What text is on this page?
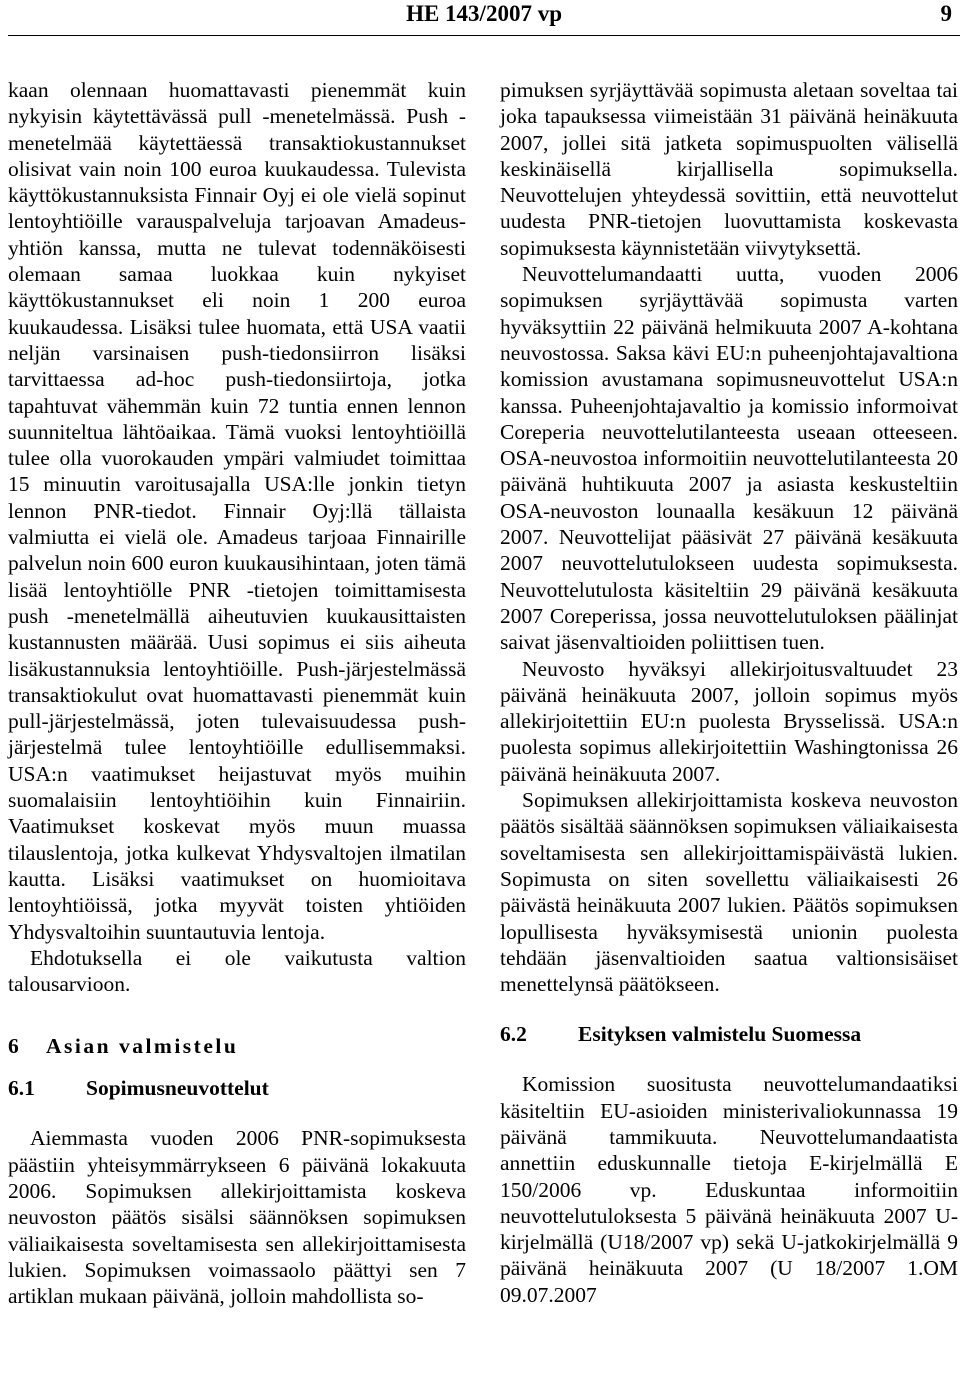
HE 143/2007 vp	9

kaan olennaan huomattavasti pienemmät kuin nykyisin käytettävässä pull -menetelmässä. Push -menetelmää käytettäessä transaktiokustannukset olisivat vain noin 100 euroa kuukaudessa. Tulevista käyttökustannuksista Finnair Oyj ei ole vielä sopinut lentoyhtiöille varauspalveluja tarjoavan Amadeus-yhtiön kanssa, mutta ne tulevat todennäköisesti olemaan samaa luokkaa kuin nykyiset käyttökustannukset eli noin 1 200 euroa kuukaudessa. Lisäksi tulee huomata, että USA vaatii neljän varsinaisen push-tiedonsiirron lisäksi tarvittaessa ad-hoc push-tiedonsiirtoja, jotka tapahtuvat vähemmän kuin 72 tuntia ennen lennon suunniteltua lähtöaikaa. Tämä vuoksi lentoyhtiöillä tulee olla vuorokauden ympäri valmiudet toimittaa 15 minuutin varoitusajalla USA:lle jonkin tietyn lennon PNR-tiedot. Finnair Oyj:llä tällaista valmiutta ei vielä ole. Amadeus tarjoaa Finnairille palvelun noin 600 euron kuukausihintaan, joten tämä lisää lentoyhtiölle PNR -tietojen toimittamisesta push -menetelmällä aiheutuvien kuukausittaisten kustannusten määrää. Uusi sopimus ei siis aiheuta lisäkustannuksia lentoyhtiöille. Push-järjestelmässä transaktiokulut ovat huomattavasti pienemmät kuin pull-järjestelmässä, joten tulevaisuudessa push-järjestelmä tulee lentoyhtiöille edullisemmaksi. USA:n vaatimukset heijastuvat myös muihin suomalaisiin lentoyhtiöihin kuin Finnairiin. Vaatimukset koskevat myös muun muassa tilauslentoja, jotka kulkevat Yhdysvaltojen ilmatilan kautta. Lisäksi vaatimukset on huomioitava lentoyhtiöissä, jotka myyvät toisten yhtiöiden Yhdysvaltoihin suuntautuvia lentoja.

Ehdotuksella ei ole vaikutusta valtion talousarvioon.

6 Asian valmistelu
6.1 Sopimusneuvottelut

Aiemmasta vuoden 2006 PNR-sopimuksesta päästiin yhteisymmärrykseen 6 päivänä lokakuuta 2006. Sopimuksen allekirjoittamista koskeva neuvoston päätös sisälsi säännöksen sopimuksen väliaikaisesta soveltamisesta sen allekirjoittamisesta lukien. Sopimuksen voimassaolo päättyi sen 7 artiklan mukaan päivänä, jolloin mahdollista so-

pimuksen syrjäyttävää sopimusta aletaan soveltaa tai joka tapauksessa viimeistään 31 päivänä heinäkuuta 2007, jollei sitä jatketa sopimuspuolten välisellä keskinäisellä kirjallisella sopimuksella. Neuvottelujen yhteydessä sovittiin, että neuvottelut uudesta PNR-tietojen luovuttamista koskevasta sopimuksesta käynnistetään viivytyksettä.

Neuvottelumandaatti uutta, vuoden 2006 sopimuksen syrjäyttävää sopimusta varten hyväksyttiin 22 päivänä helmikuuta 2007 A-kohtana neuvostossa. Saksa kävi EU:n puheenjohtajavaltiona komission avustamana sopimusneuvottelut USA:n kanssa. Puheenjohtajavaltio ja komissio informoivat Coreperia neuvottelutilanteesta useaan otteeseen. OSA-neuvostoa informoitiin neuvottelutilanteesta 20 päivänä huhtikuuta 2007 ja asiasta keskusteltiin OSA-neuvoston lounaalla kesäkuun 12 päivänä 2007. Neuvottelijat pääsivät 27 päivänä kesäkuuta 2007 neuvottelutulokseen uudesta sopimuksesta. Neuvottelutulosta käsiteltiin 29 päivänä kesäkuuta 2007 Coreperissa, jossa neuvottelutuloksen päälinjat saivat jäsenvaltioiden poliittisen tuen.

Neuvosto hyväksyi allekirjoitusvaltuudet 23 päivänä heinäkuuta 2007, jolloin sopimus myös allekirjoitettiin EU:n puolesta Brysselissä. USA:n puolesta sopimus allekirjoitettiin Washingtonissa 26 päivänä heinäkuuta 2007.

Sopimuksen allekirjoittamista koskeva neuvoston päätös sisältää säännöksen sopimuksen väliaikaisesta soveltamisesta sen allekirjoittamispäivästä lukien. Sopimusta on siten sovellettu väliaikaisesti 26 päivästä heinäkuuta 2007 lukien. Päätös sopimuksen lopullisesta hyväksymisestä unionin puolesta tehdään jäsenvaltioiden saatua valtionsisäiset menettelynsä päätökseen.

6.2 Esityksen valmistelu Suomessa

Komission suositusta neuvottelumandaatiksi käsiteltiin EU-asioiden ministerivaliokunnassa 19 päivänä tammikuuta. Neuvottelumandaatista annettiin eduskunnalle tietoja E-kirjelmällä E 150/2006 vp. Eduskuntaa informoitiin neuvottelutuloksesta 5 päivänä heinäkuuta 2007 U-kirjelmällä (U18/2007 vp) sekä U-jatkokirjelmällä 9 päivänä heinäkuuta 2007 (U 18/2007 1.OM 09.07.2007
